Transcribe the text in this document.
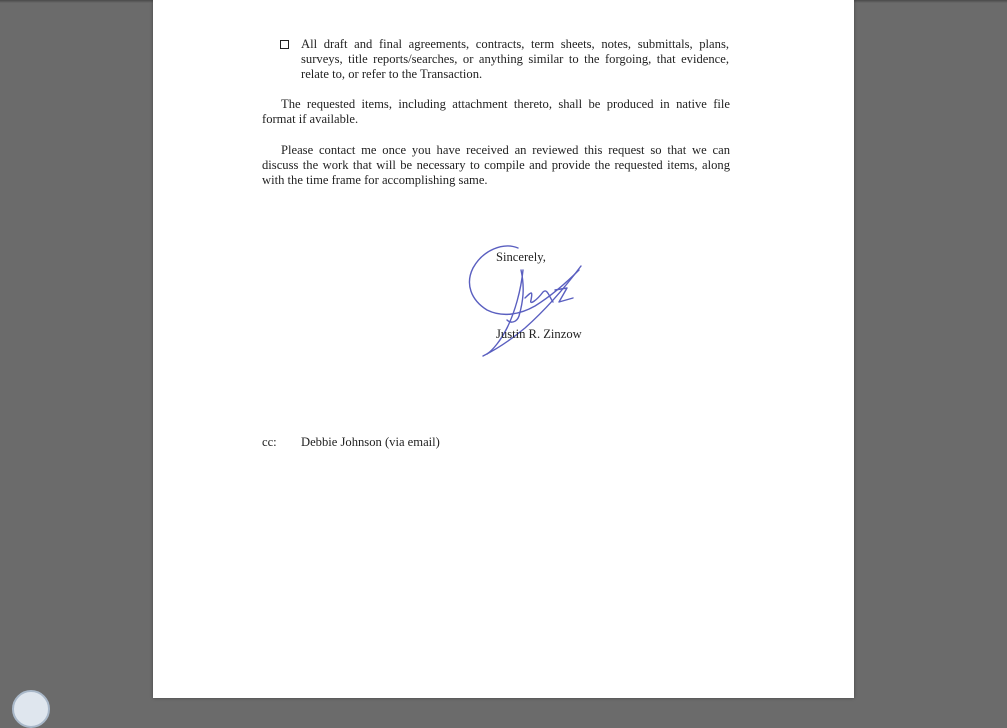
All draft and final agreements, contracts, term sheets, notes, submittals, plans, surveys, title reports/searches, or anything similar to the forgoing, that evidence, relate to, or refer to the Transaction.
The requested items, including attachment thereto, shall be produced in native file format if available.
Please contact me once you have received an reviewed this request so that we can discuss the work that will be necessary to compile and provide the requested items, along with the time frame for accomplishing same.
Sincerely,
Justin R. Zinzow
cc: Debbie Johnson (via email)
